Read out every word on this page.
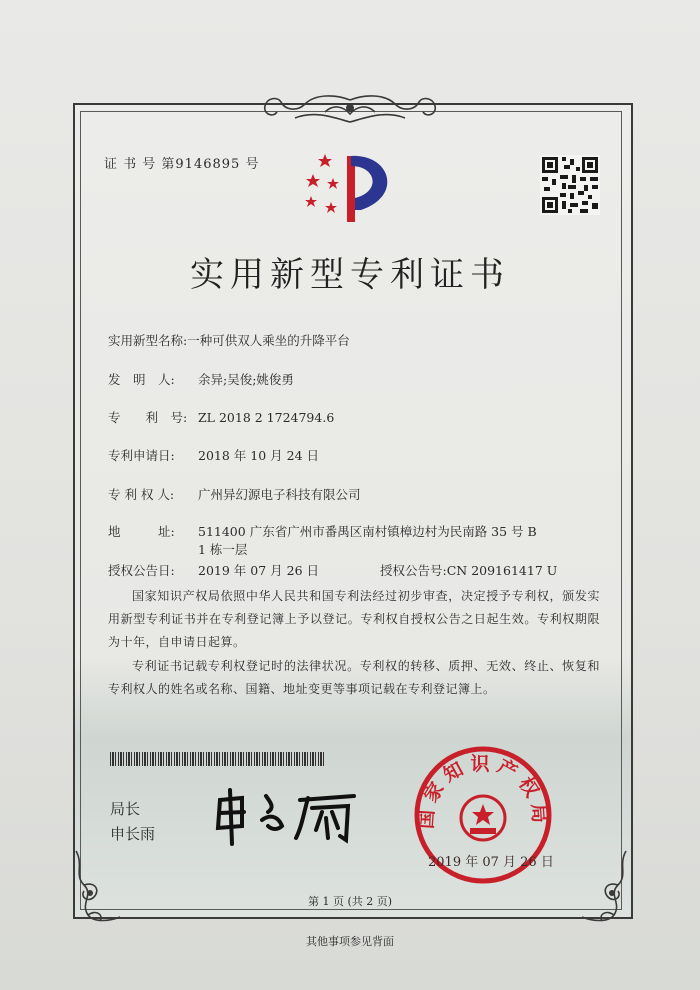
证 书 号 第9146895 号
实用新型专利证书
实用新型名称:一种可供双人乘坐的升降平台
发　明　人: 余异;吴俊;姚俊勇
专　　利　号: ZL 2018 2 1724794.6
专利申请日: 2018 年 10 月 24 日
专 利 权 人: 广州异幻源电子科技有限公司
地　　　址: 511400 广东省广州市番禺区南村镇樟边村为民南路 35 号 B
1 栋一层
授权公告日: 2019 年 07 月 26 日	授权公告号:CN 209161417 U
国家知识产权局依照中华人民共和国专利法经过初步审查，决定授予专利权，颁发实用新型专利证书并在专利登记簿上予以登记。专利权自授权公告之日起生效。专利权期限为十年，自申请日起算。
专利证书记载专利权登记时的法律状况。专利权的转移、质押、无效、终止、恢复和专利权人的姓名或名称、国籍、地址变更等事项记载在专利登记簿上。
局长
申长雨
国家知识产权局
2019 年 07 月 26 日
第 1 页 (共 2 页)
其他事项参见背面
